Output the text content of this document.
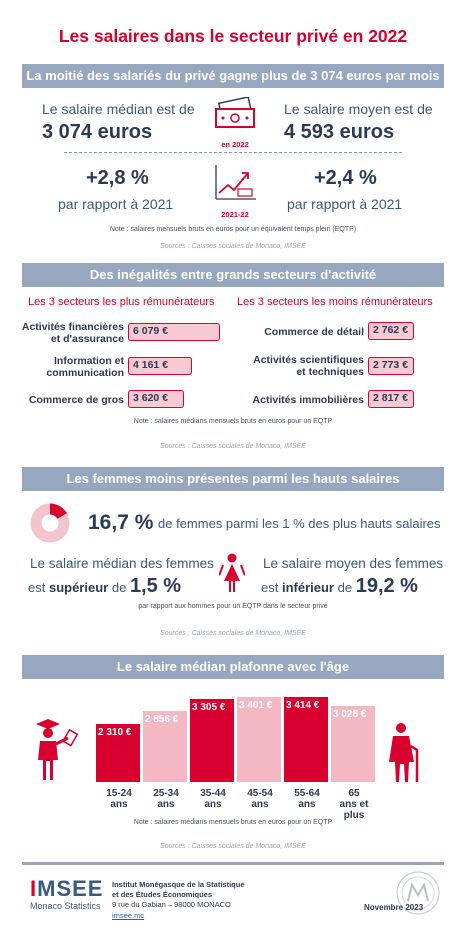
Les salaires dans le secteur privé en 2022
La moitié des salariés du privé gagne plus de 3 074 euros par mois
Le salaire médian est de
3 074 euros
en 2022
Le salaire moyen est de
4 593 euros
+2,8 %
par rapport à 2021
2021-22
+2,4 %
par rapport à 2021
Note : salaires mensuels bruts en euros pour un équivalent temps plein (EQTP)
Sources : Caisses sociales de Monaco, IMSEE
Des inégalités entre grands secteurs d'activité
Les 3 secteurs les plus rémunérateurs Les 3 secteurs les moins rémunérateurs
Activités financières
et d'assurance
6 079 €
Information et
communication
4 161 €
Commerce de gros 3 620 €
Commerce de détail 2 762 €
Activités scientifiques
et techniques
2 773 €
Activités immobilières 2 817 €
Note : salaires médians mensuels bruts en euros pour un EQTP
Sources : Caisses sociales de Monaco, IMSEE
Les femmes moins présentes parmi les hauts salaires
16,7 % de femmes parmi les 1 % des plus hauts salaires
Le salaire médian des femmes
est supérieur de 1,5 %
Le salaire moyen des femmes
est inférieur de 19,2 %
par rapport aux hommes pour un EQTP dans le secteur privé
Sources : Caisses sociales de Monaco, IMSEE
Le salaire médian plafonne avec l'âge
2 310 €
15-24
ans
2 856 €
25-34
ans
3 305 €
35-44
ans
3 401 €
45-54
ans
3 414 €
55-64
ans
3 028 €
65
ans et plus
Note : salaires médians mensuels bruts en euros pour un EQTP
Sources : Caisses sociales de Monaco, IMSEE
IMSEE
Monaco Statistics
Institut Monégasque de la Statistique
et des Études Économiques
9 rue du Gabian – 98000 MONACO
imsee.mc
Novembre 2023
